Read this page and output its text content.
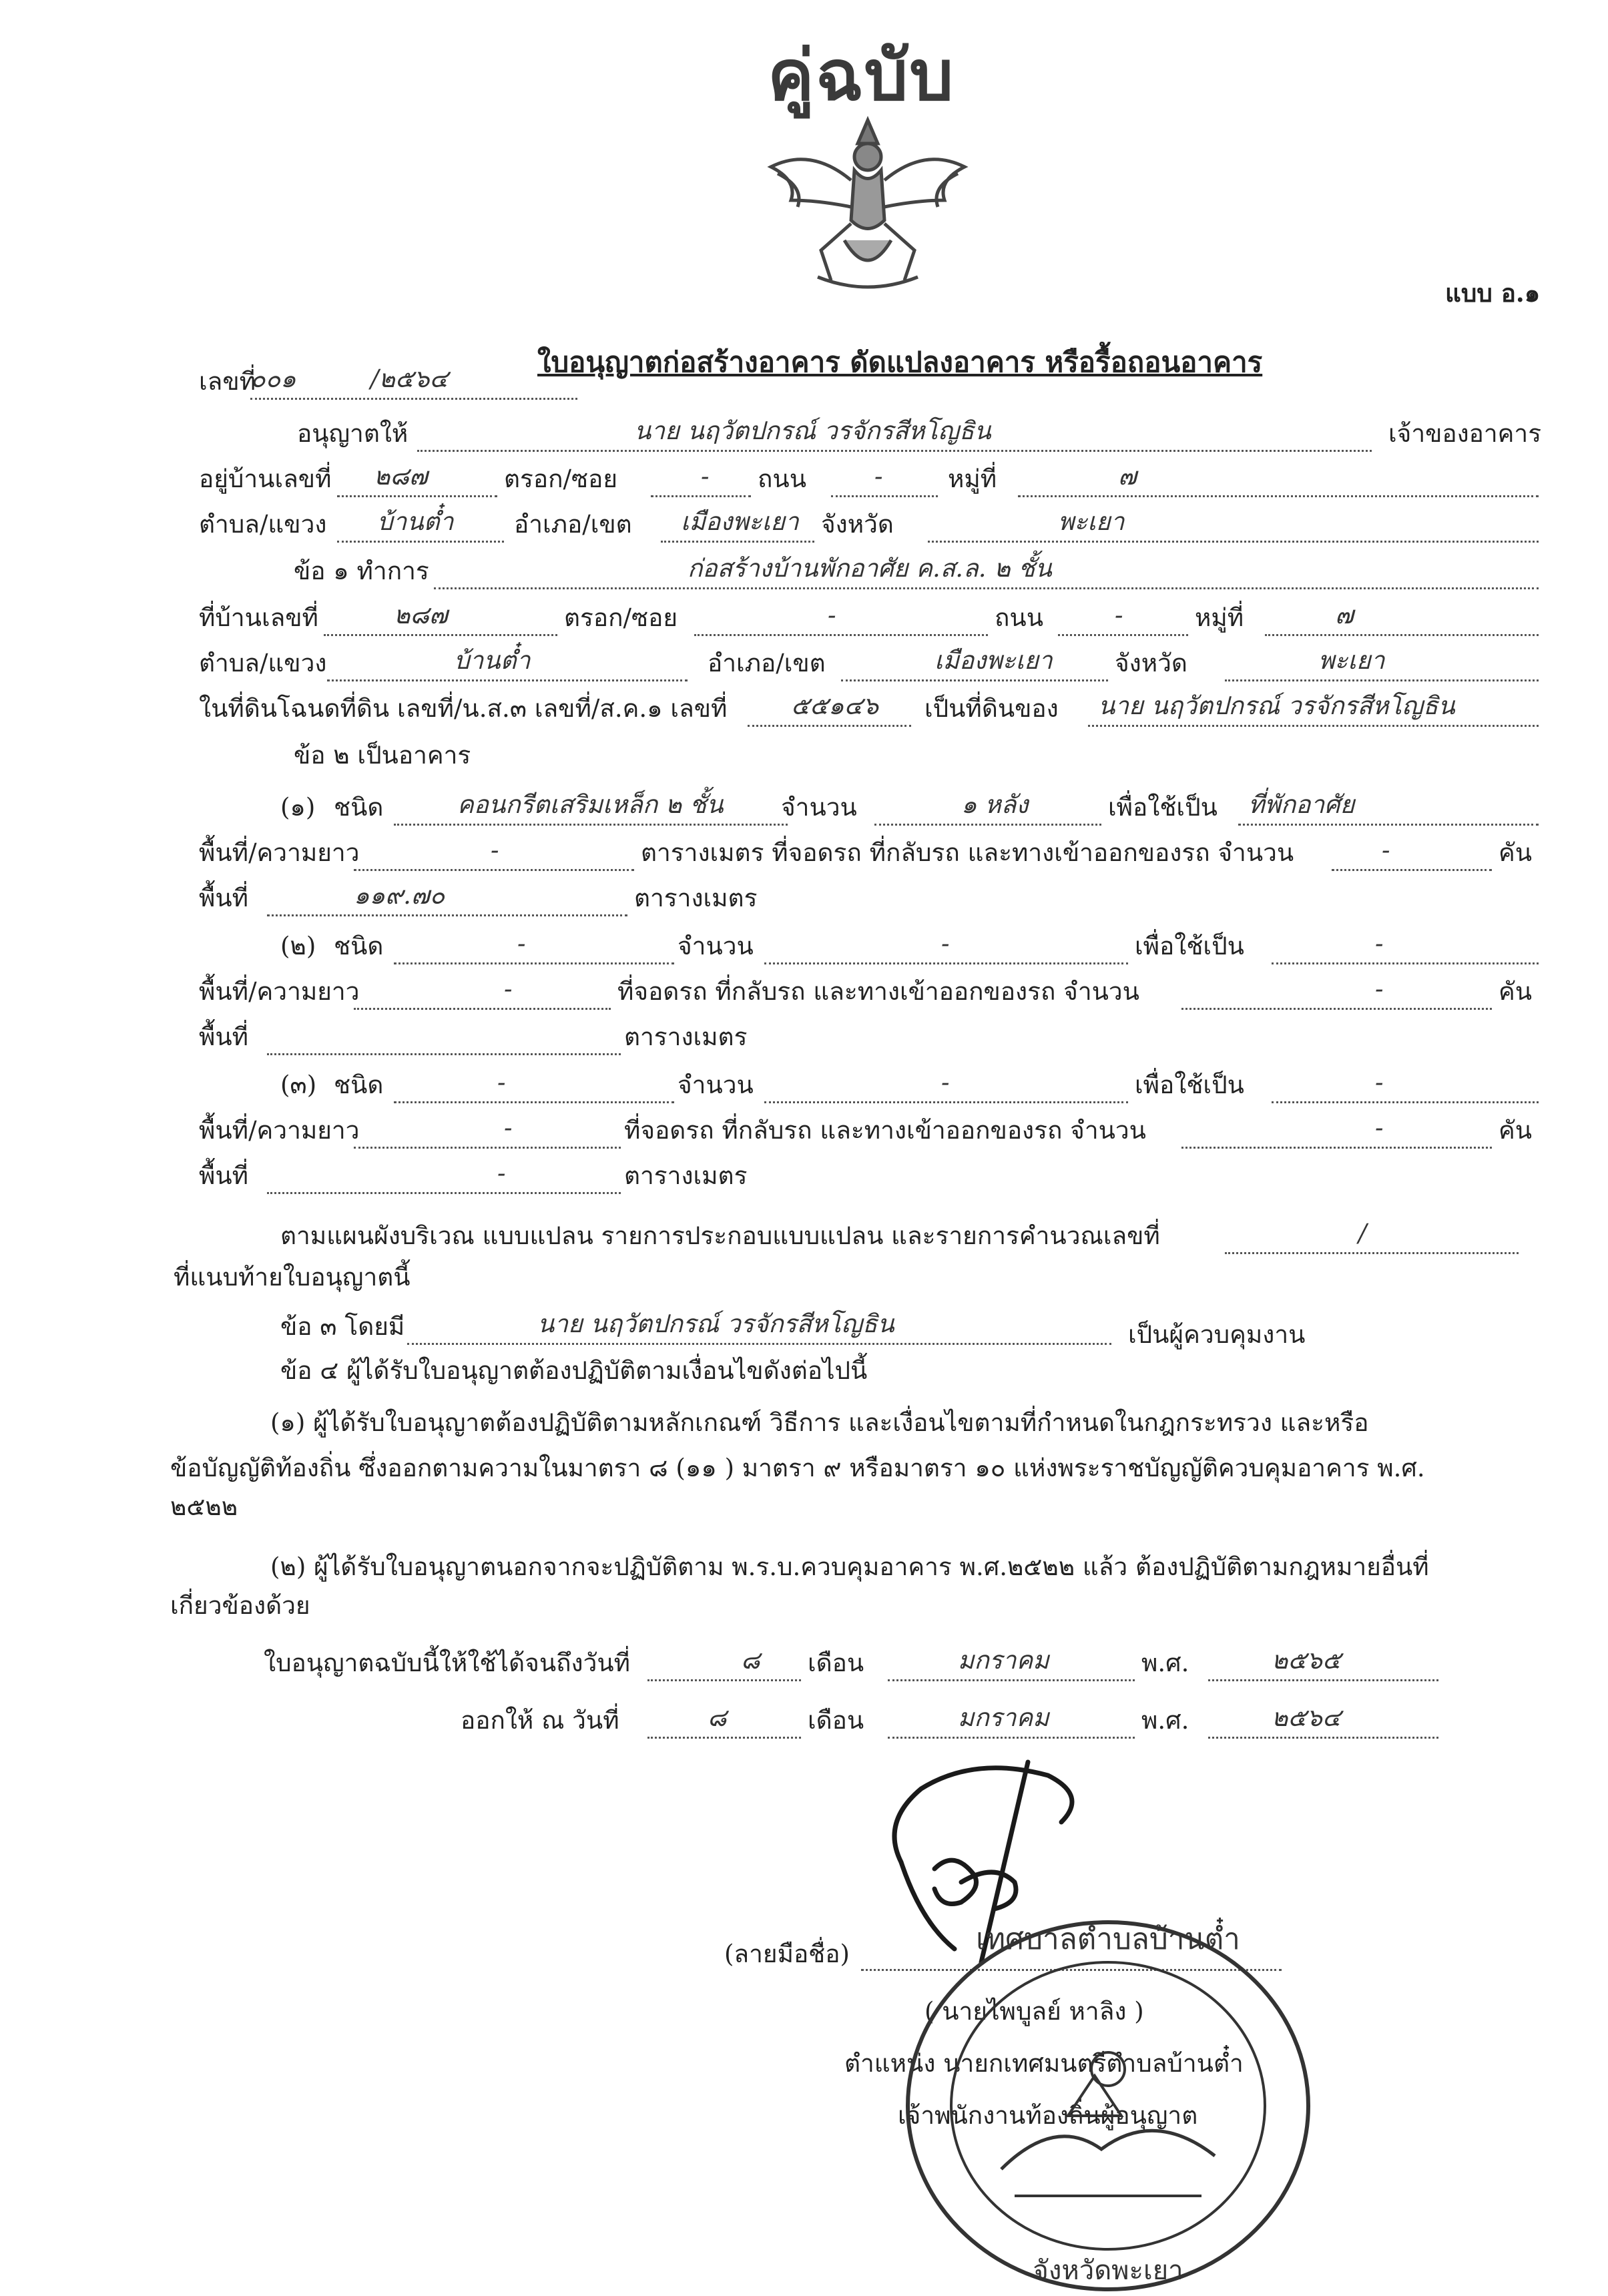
คู่ฉบับ
แบบ อ.๑
ใบอนุญาตก่อสร้างอาคาร ดัดแปลงอาคาร หรือรื้อถอนอาคาร
เลขที่
๐๐๑	/๒๕๖๔
อนุญาตให้	นาย นฤวัตปกรณ์ วรจักรสีหโญธิน	เจ้าของอาคาร
อยู่บ้านเลขที่ ๒๘๗	ตรอก/ซอย	- ถนน	-	หมู่ที่	๗
ตำบล/แขวง บ้านต๋ำ อำเภอ/เขต เมืองพะเยา จังหวัด	พะเยา
ข้อ ๑ ทำการ	ก่อสร้างบ้านพักอาศัย ค.ส.ล. ๒ ชั้น
ที่บ้านเลขที่	๒๘๗	ตรอก/ซอย	-	ถนน	-	หมู่ที่	๗
ตำบล/แขวง	บ้านต๋ำ	อำเภอ/เขต	เมืองพะเยา	จังหวัด	พะเยา
ในที่ดินโฉนดที่ดิน เลขที่/น.ส.๓ เลขที่/ส.ค.๑ เลขที่	๕๕๑๔๖ เป็นที่ดินของ นาย นฤวัตปกรณ์ วรจักรสีหโญธิน
ข้อ ๒ เป็นอาคาร
(๑) ชนิด	คอนกรีตเสริมเหล็ก ๒ ชั้น จำนวน	๑ หลัง	เพื่อใช้เป็น ที่พักอาศัย
พื้นที่/ความยาว	-	ตารางเมตร ที่จอดรถ ที่กลับรถ และทางเข้าออกของรถ จำนวน	-	คัน
พื้นที่	๑๑๙.๗๐	ตารางเมตร
(๒) ชนิด	-	จำนวน	-	เพื่อใช้เป็น	-
พื้นที่/ความยาว	-	ที่จอดรถ ที่กลับรถ และทางเข้าออกของรถ จำนวน	-	คัน
พื้นที่	ตารางเมตร
(๓) ชนิด	-	จำนวน	-	เพื่อใช้เป็น	-
พื้นที่/ความยาว	-	ที่จอดรถ ที่กลับรถ และทางเข้าออกของรถ จำนวน	-	คัน
พื้นที่	-	ตารางเมตร
ตามแผนผังบริเวณ แบบแปลน รายการประกอบแบบแปลน และรายการคำนวณเลขที่	/
ที่แนบท้ายใบอนุญาตนี้
ข้อ ๓ โดยมี	นาย นฤวัตปกรณ์ วรจักรสีหโญธิน	เป็นผู้ควบคุมงาน
ข้อ ๔ ผู้ได้รับใบอนุญาตต้องปฏิบัติตามเงื่อนไขดังต่อไปนี้
(๑) ผู้ได้รับใบอนุญาตต้องปฏิบัติตามหลักเกณฑ์ วิธีการ และเงื่อนไขตามที่กำหนดในกฎกระทรวง และหรือ
ข้อบัญญัติท้องถิ่น ซึ่งออกตามความในมาตรา ๘ (๑๑ ) มาตรา ๙ หรือมาตรา ๑๐ แห่งพระราชบัญญัติควบคุมอาคาร พ.ศ.
๒๕๒๒
(๒) ผู้ได้รับใบอนุญาตนอกจากจะปฏิบัติตาม พ.ร.บ.ควบคุมอาคาร พ.ศ.๒๕๒๒ แล้ว ต้องปฏิบัติตามกฎหมายอื่นที่
เกี่ยวข้องด้วย
ใบอนุญาตฉบับนี้ให้ใช้ได้จนถึงวันที่	๘ เดือน	มกราคม	พ.ศ.	๒๕๖๕
ออกให้ ณ วันที่	๘	เดือน	มกราคม	พ.ศ.	๒๕๖๔
(ลายมือชื่อ)
( นายไพบูลย์ หาลิง )
ตำแหน่ง นายกเทศมนตรีตำบลบ้านต๋ำ
เจ้าพนักงานท้องถิ่นผู้อนุญาต
เทศบาลตำบลบ้านต๋ำ
จังหวัดพะเยา
